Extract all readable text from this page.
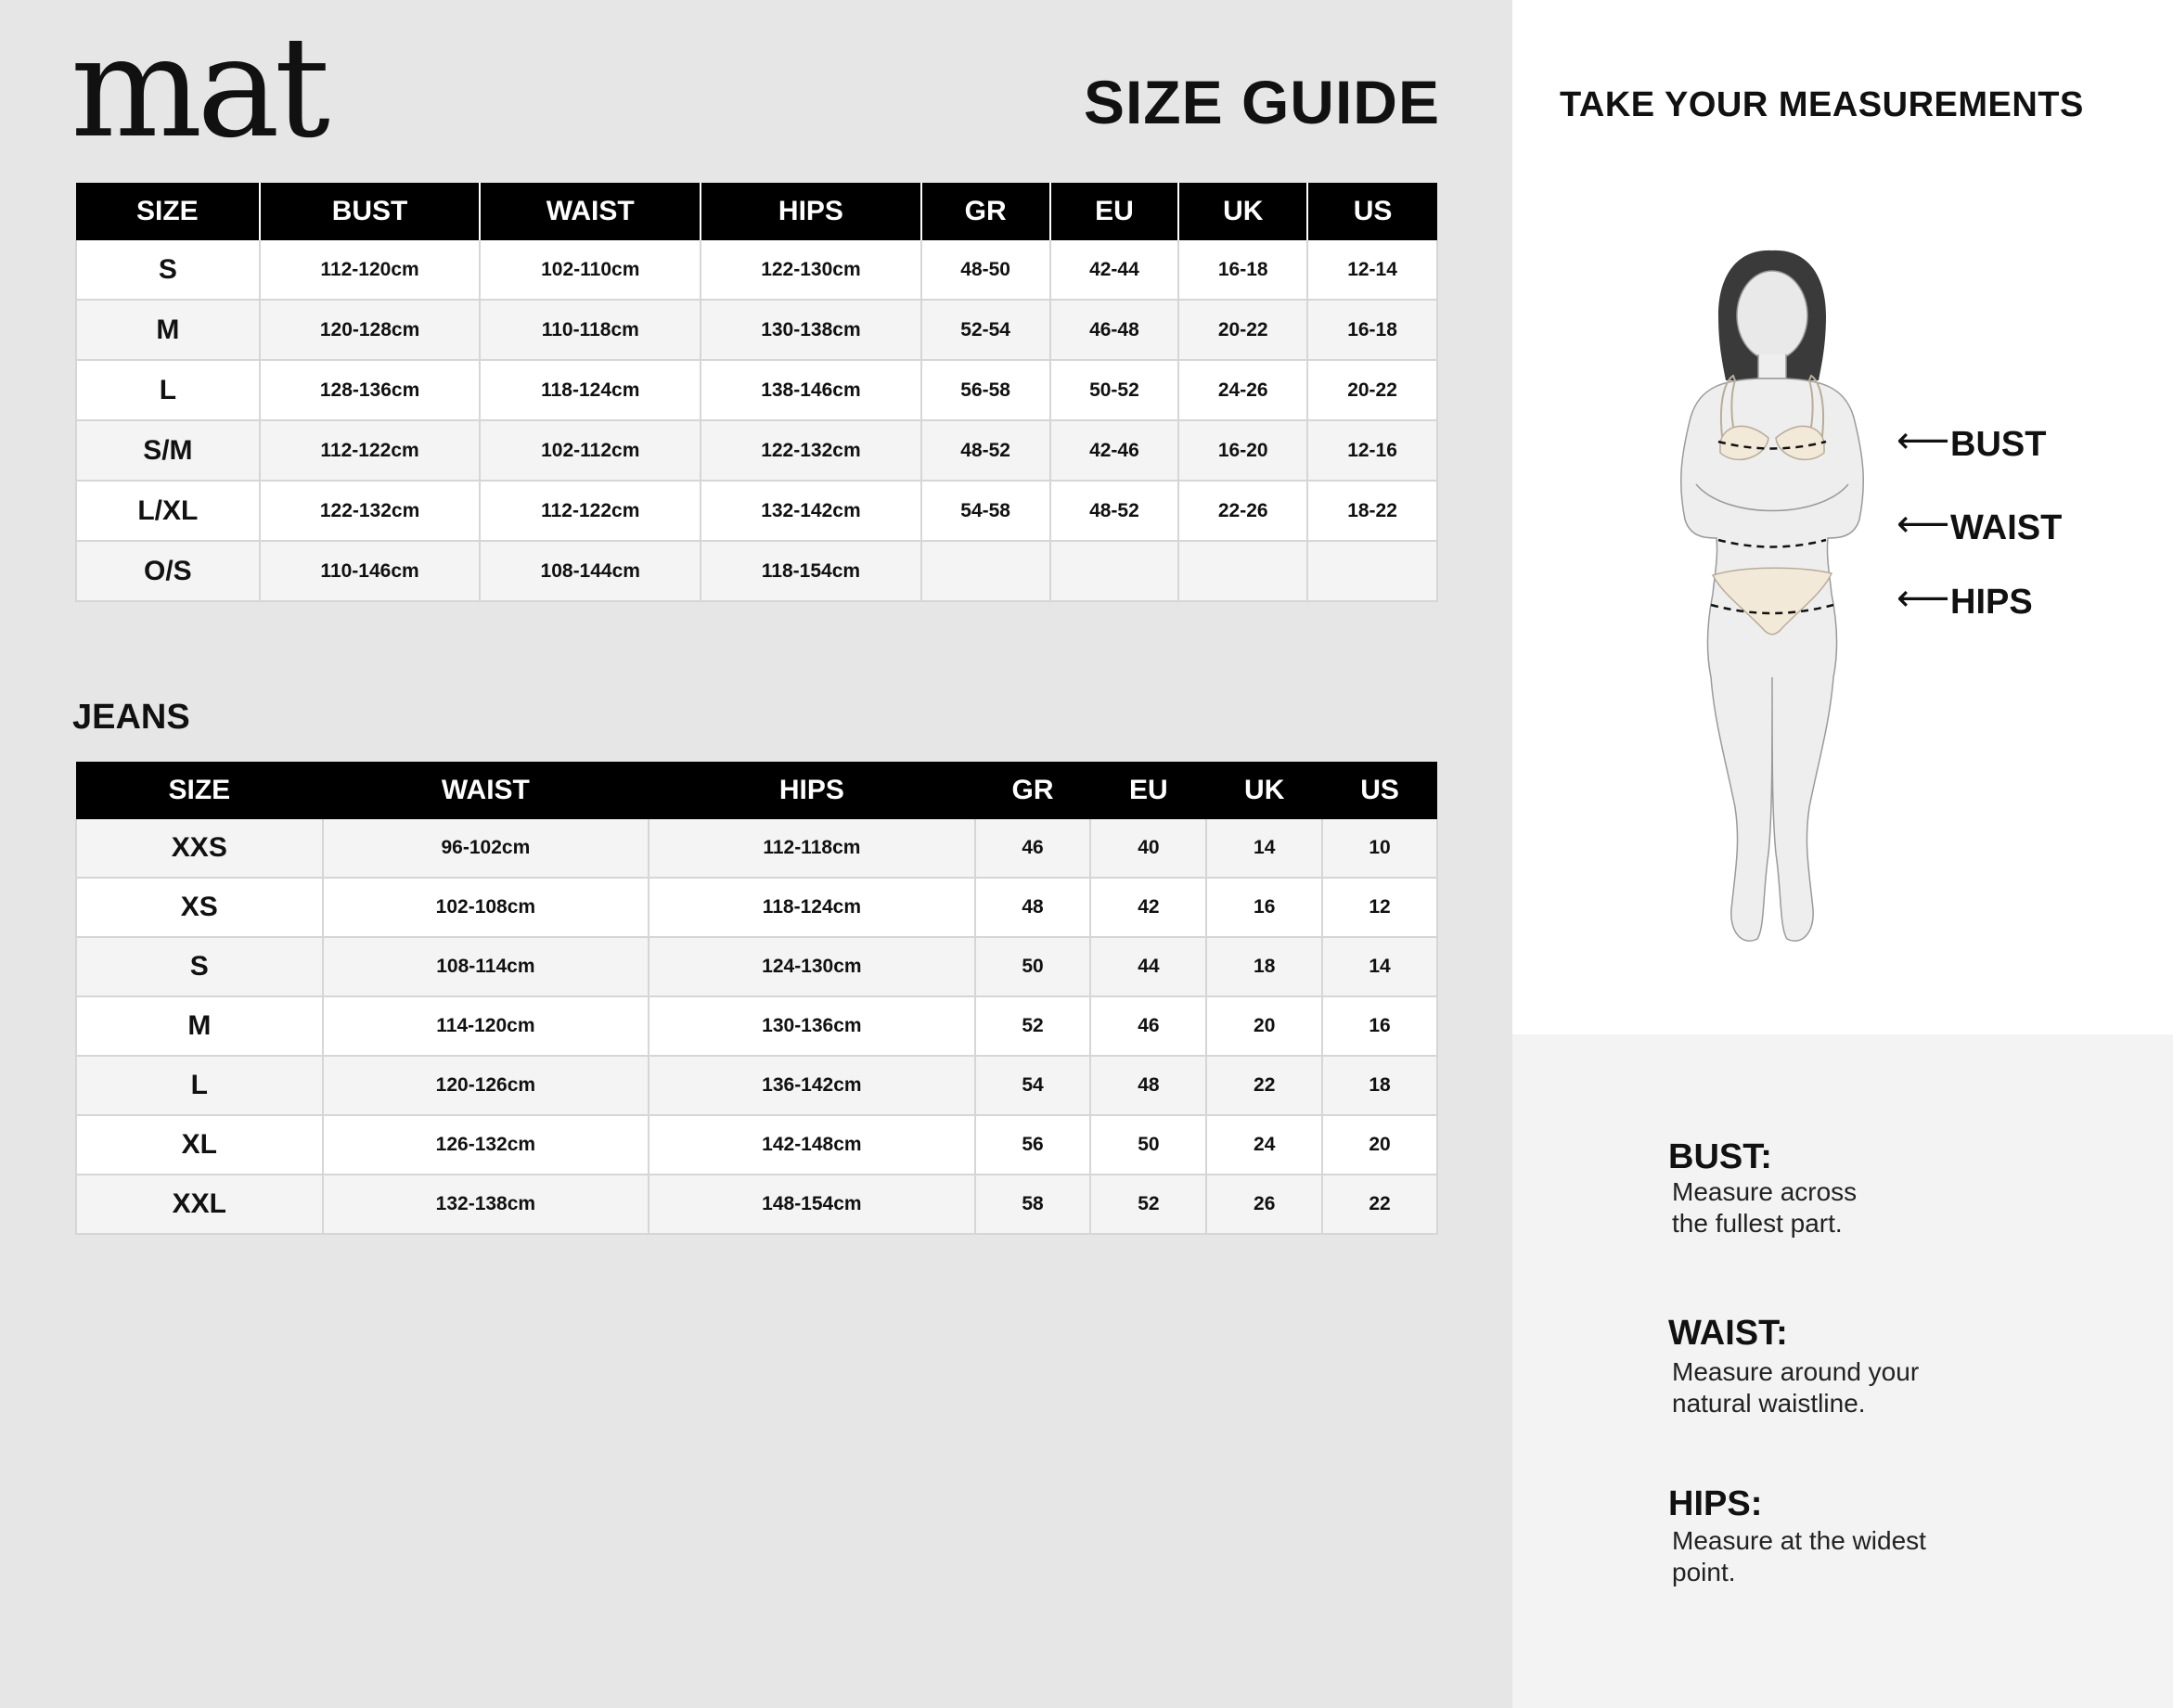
mat	SIZE GUIDE
SIZE	BUST	WAIST	HIPS	GR	EU	UK	US
S	112-120cm	102-110cm	122-130cm	48-50	42-44	16-18	12-14
M	120-128cm	110-118cm	130-138cm	52-54	46-48	20-22	16-18
L	128-136cm	118-124cm	138-146cm	56-58	50-52	24-26	20-22
S/M	112-122cm	102-112cm	122-132cm	48-52	42-46	16-20	12-16
L/XL	122-132cm	112-122cm	132-142cm	54-58	48-52	22-26	18-22
O/S	110-146cm	108-144cm	118-154cm				
JEANS
SIZE	WAIST	HIPS	GR	EU	UK	US
XXS	96-102cm	112-118cm	46	40	14	10
XS	102-108cm	118-124cm	48	42	16	12
S	108-114cm	124-130cm	50	44	18	14
M	114-120cm	130-136cm	52	46	20	16
L	120-126cm	136-142cm	54	48	22	18
XL	126-132cm	142-148cm	56	50	24	20
XXL	132-138cm	148-154cm	58	52	26	22
TAKE YOUR MEASUREMENTS
⟵ BUST
⟵ WAIST
⟵ HIPS
BUST:
Measure across
the fullest part.
WAIST:
Measure around your
natural waistline.
HIPS:
Measure at the widest
point.
